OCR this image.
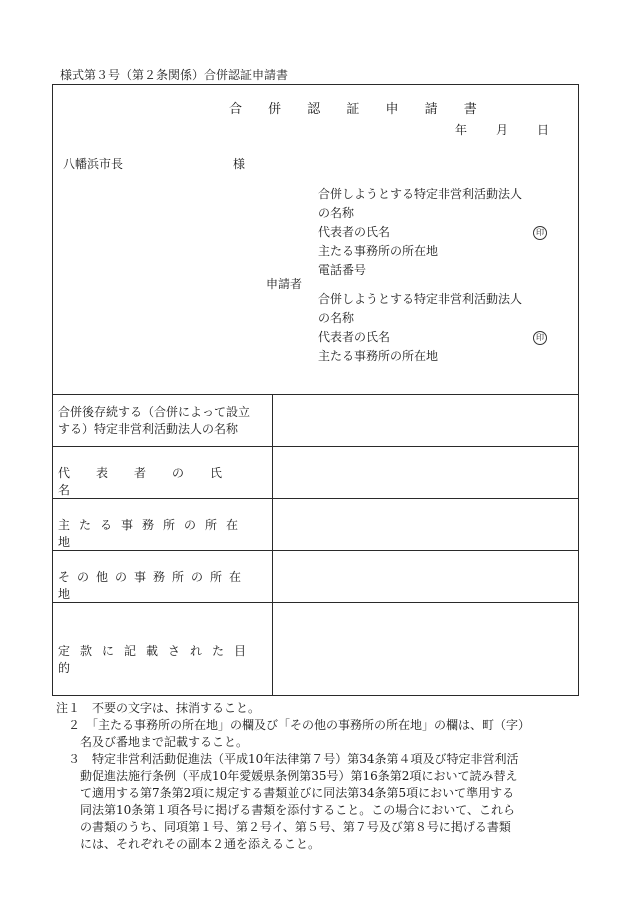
様式第３号（第２条関係）合併認証申請書
合 併 認 証 申 請 書
年 月 日
八幡浜市長	様
合併しようとする特定非営利活動法人
の名称
代表者の氏名	印
主たる事務所の所在地
電話番号
申請者
合併しようとする特定非営利活動法人
の名称
代表者の氏名	印
主たる事務所の所在地
合併後存続する（合併によって設立
する）特定非営利活動法人の名称
代表者の氏名
主たる事務所の所在地
その他の事務所の所在地
定款に記載された目的
注１　不要の文字は、抹消すること。
　２　「主たる事務所の所在地」の欄及び「その他の事務所の所在地」の欄は、町（字）
　　名及び番地まで記載すること。
　３　特定非営利活動促進法（平成10年法律第７号）第34条第４項及び特定非営利活
　　動促進法施行条例（平成10年愛媛県条例第35号）第16条第2項において読み替え
　　て適用する第7条第2項に規定する書類並びに同法第34条第5項において準用する
　　同法第10条第１項各号に掲げる書類を添付すること。この場合において、これら
　　の書類のうち、同項第１号、第２号イ、第５号、第７号及び第８号に掲げる書類
　　には、それぞれその副本２通を添えること。
